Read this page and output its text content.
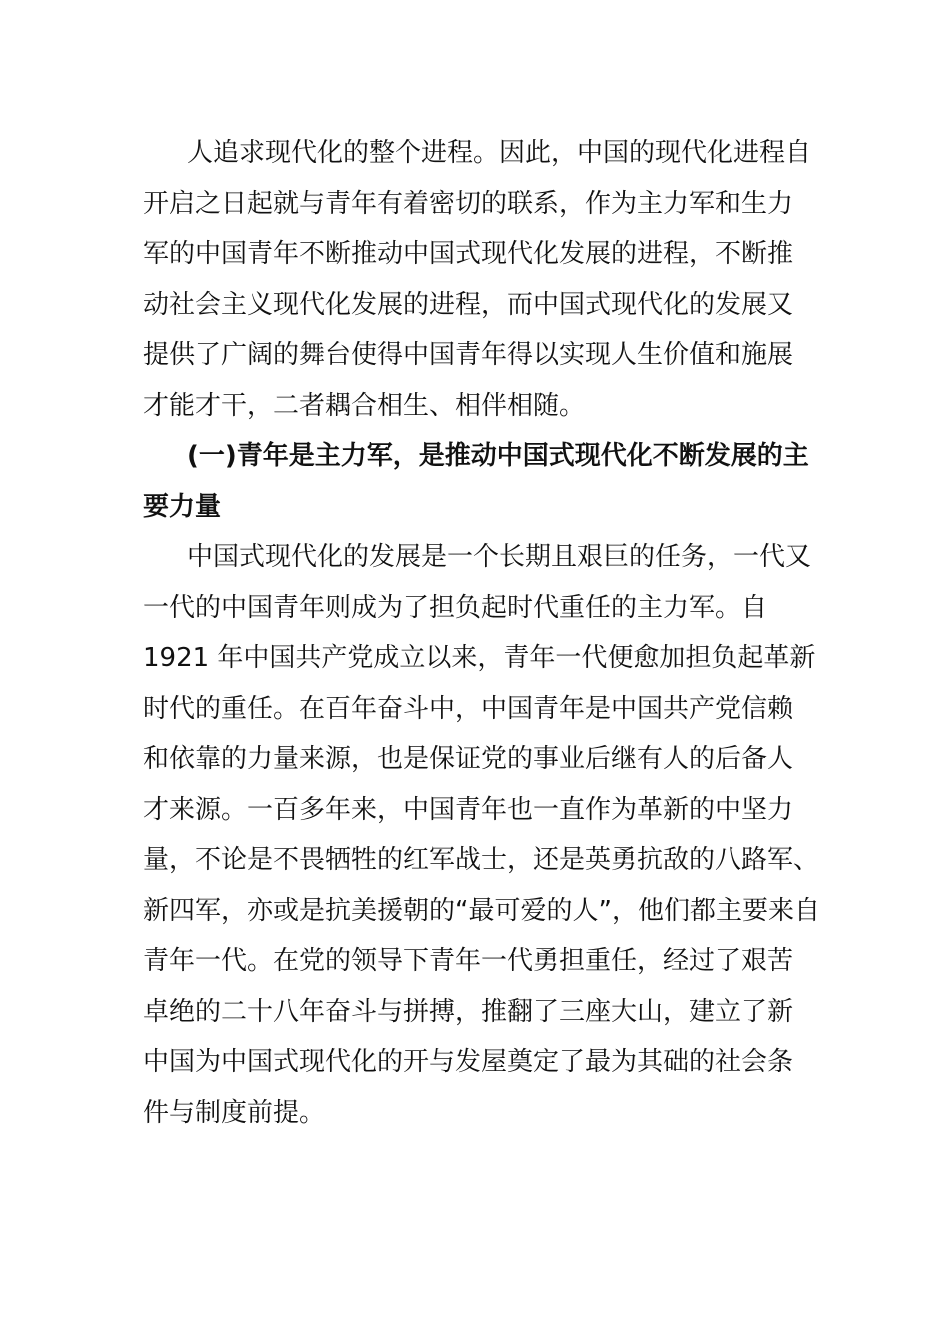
人追求现代化的整个进程。因此，中国的现代化进程自
开启之日起就与青年有着密切的联系，作为主力军和生力
军的中国青年不断推动中国式现代化发展的进程，不断推
动社会主义现代化发展的进程，而中国式现代化的发展又
提供了广阔的舞台使得中国青年得以实现人生价值和施展
才能才干，二者耦合相生、相伴相随。
(一)青年是主力军，是推动中国式现代化不断发展的主
要力量
中国式现代化的发展是一个长期且艰巨的任务，一代又
一代的中国青年则成为了担负起时代重任的主力军。自
1921 年中国共产党成立以来，青年一代便愈加担负起革新
时代的重任。在百年奋斗中，中国青年是中国共产党信赖
和依靠的力量来源，也是保证党的事业后继有人的后备人
才来源。一百多年来，中国青年也一直作为革新的中坚力
量，不论是不畏牺牲的红军战士，还是英勇抗敌的八路军、
新四军，亦或是抗美援朝的“最可爱的人”，他们都主要来自
青年一代。在党的领导下青年一代勇担重任，经过了艰苦
卓绝的二十八年奋斗与拼搏，推翻了三座大山，建立了新
中国为中国式现代化的开与发屋奠定了最为其础的社会条
件与制度前提。
